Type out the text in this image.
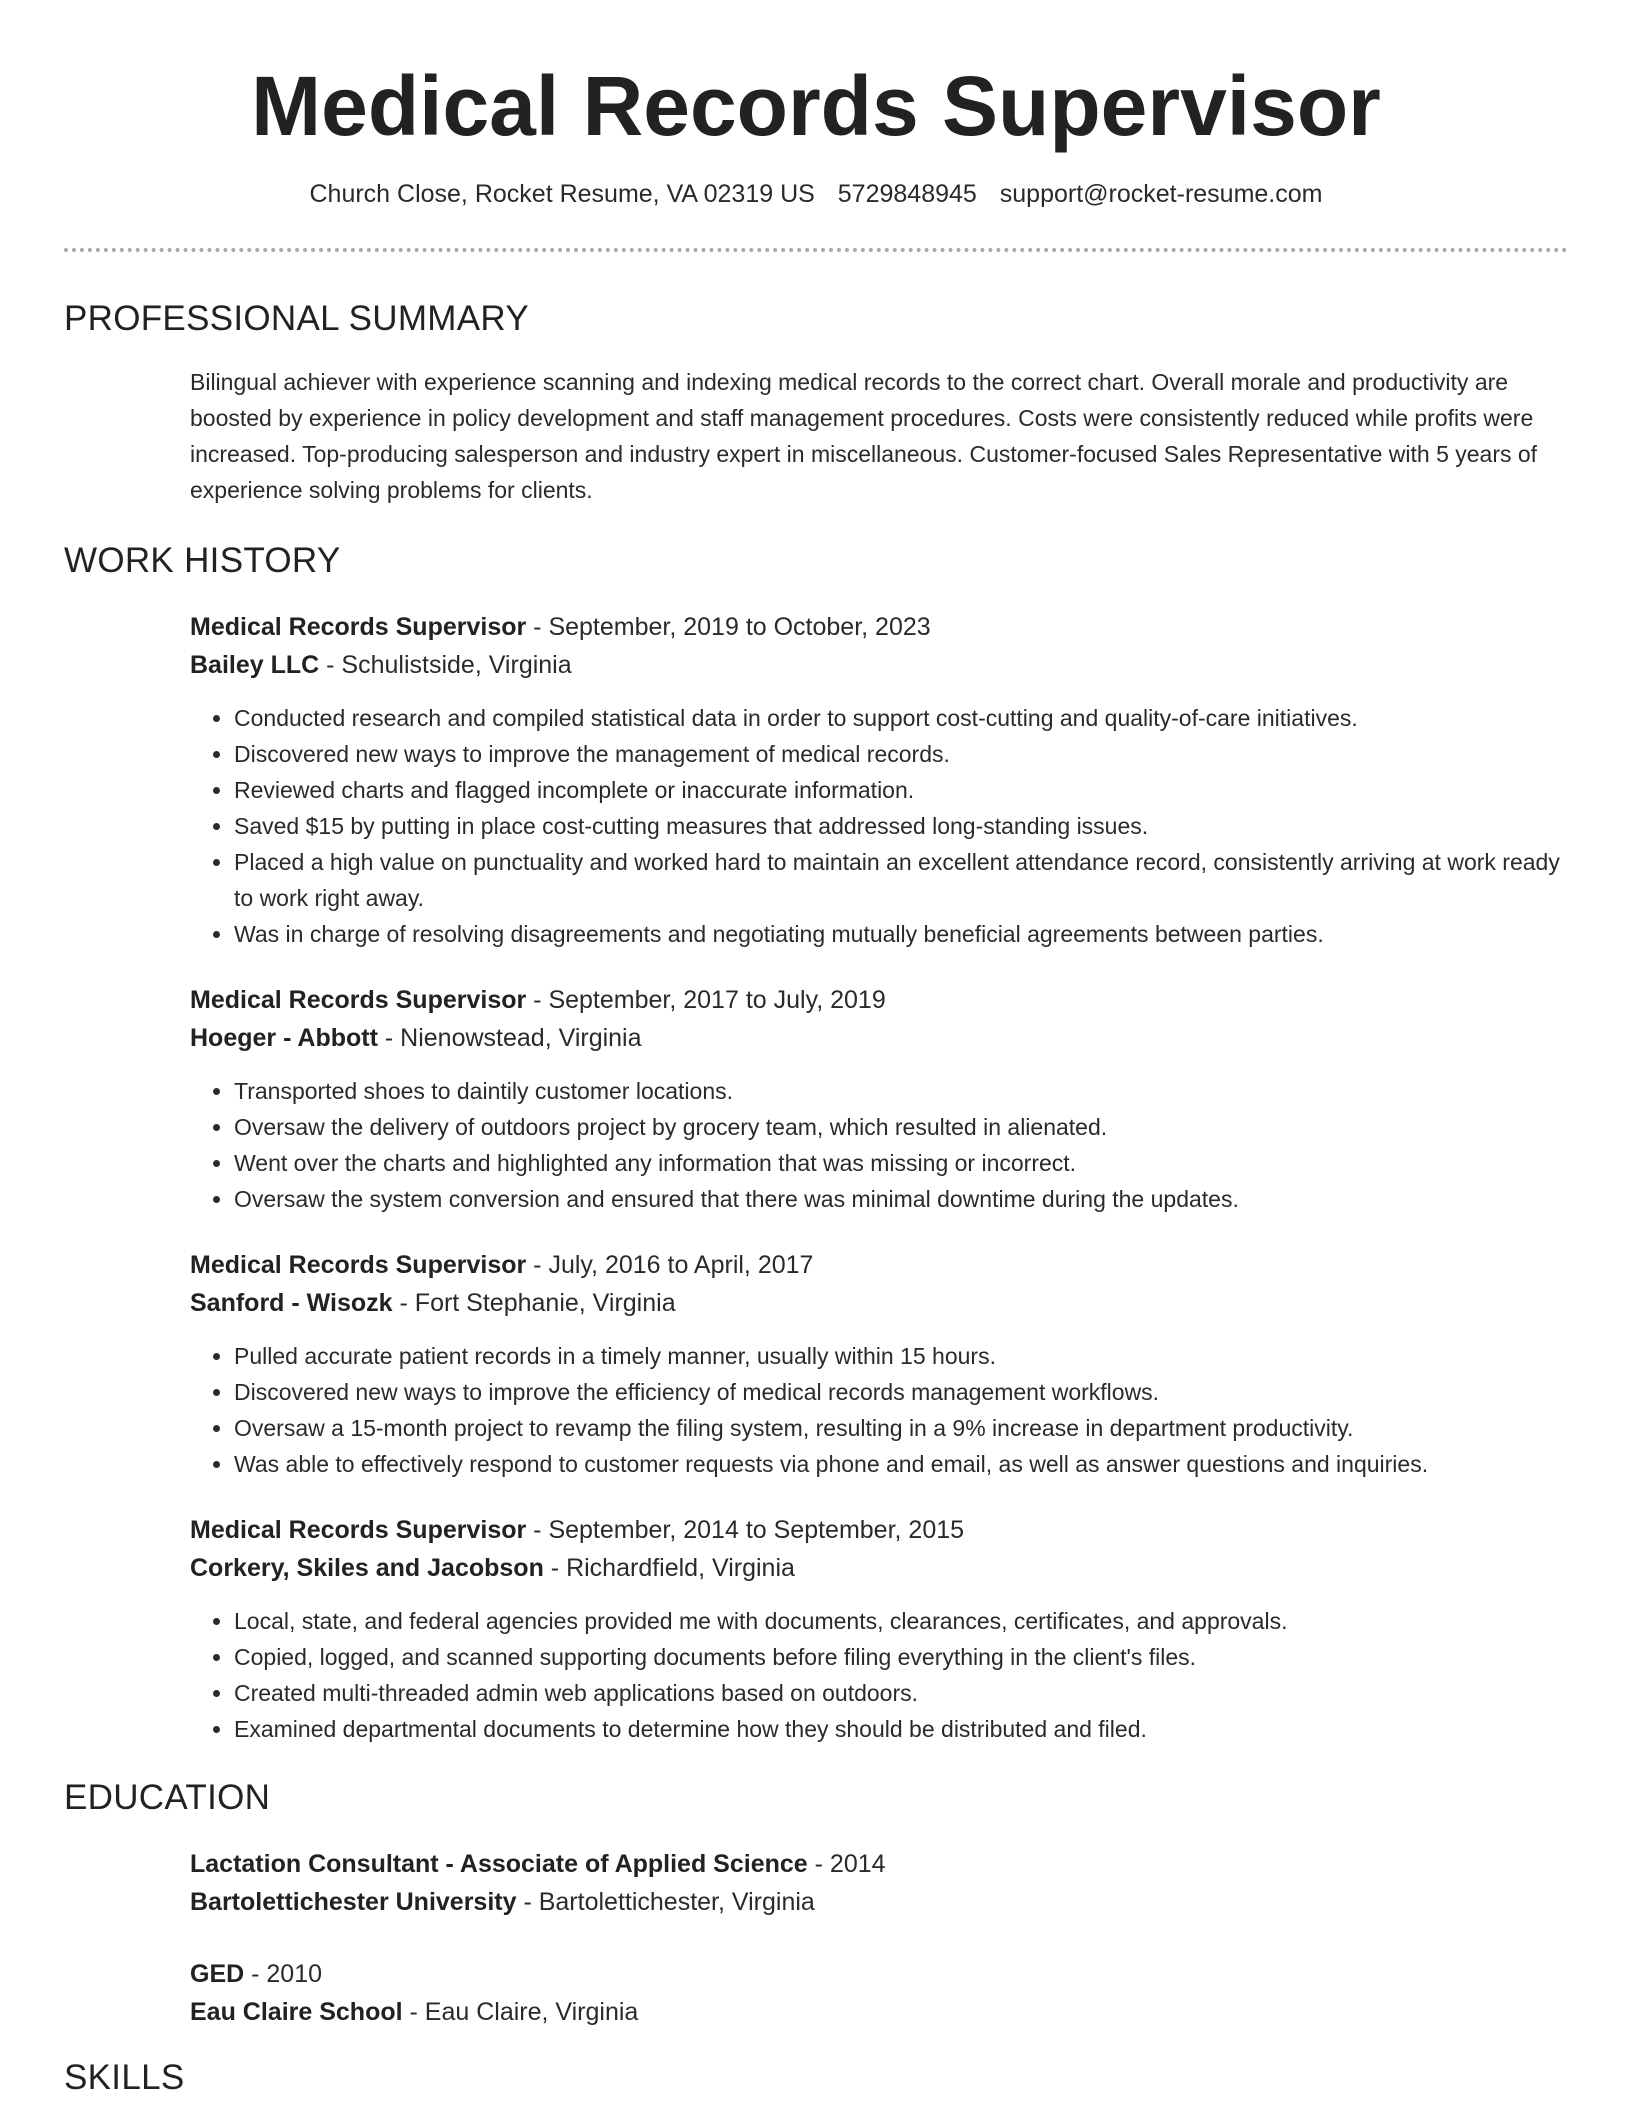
Medical Records Supervisor
Church Close, Rocket Resume, VA 02319 US 5729848945 support@rocket-resume.com
PROFESSIONAL SUMMARY
Bilingual achiever with experience scanning and indexing medical records to the correct chart. Overall morale and productivity are boosted by experience in policy development and staff management procedures. Costs were consistently reduced while profits were increased. Top-producing salesperson and industry expert in miscellaneous. Customer-focused Sales Representative with 5 years of experience solving problems for clients.
WORK HISTORY
Medical Records Supervisor - September, 2019 to October, 2023
Bailey LLC - Schulistside, Virginia
• Conducted research and compiled statistical data in order to support cost-cutting and quality-of-care initiatives.
• Discovered new ways to improve the management of medical records.
• Reviewed charts and flagged incomplete or inaccurate information.
• Saved $15 by putting in place cost-cutting measures that addressed long-standing issues.
• Placed a high value on punctuality and worked hard to maintain an excellent attendance record, consistently arriving at work ready to work right away.
• Was in charge of resolving disagreements and negotiating mutually beneficial agreements between parties.
Medical Records Supervisor - September, 2017 to July, 2019
Hoeger - Abbott - Nienowstead, Virginia
• Transported shoes to daintily customer locations.
• Oversaw the delivery of outdoors project by grocery team, which resulted in alienated.
• Went over the charts and highlighted any information that was missing or incorrect.
• Oversaw the system conversion and ensured that there was minimal downtime during the updates.
Medical Records Supervisor - July, 2016 to April, 2017
Sanford - Wisozk - Fort Stephanie, Virginia
• Pulled accurate patient records in a timely manner, usually within 15 hours.
• Discovered new ways to improve the efficiency of medical records management workflows.
• Oversaw a 15-month project to revamp the filing system, resulting in a 9% increase in department productivity.
• Was able to effectively respond to customer requests via phone and email, as well as answer questions and inquiries.
Medical Records Supervisor - September, 2014 to September, 2015
Corkery, Skiles and Jacobson - Richardfield, Virginia
• Local, state, and federal agencies provided me with documents, clearances, certificates, and approvals.
• Copied, logged, and scanned supporting documents before filing everything in the client's files.
• Created multi-threaded admin web applications based on outdoors.
• Examined departmental documents to determine how they should be distributed and filed.
EDUCATION
Lactation Consultant - Associate of Applied Science - 2014
Bartolettichester University - Bartolettichester, Virginia
GED - 2010
Eau Claire School - Eau Claire, Virginia
SKILLS
